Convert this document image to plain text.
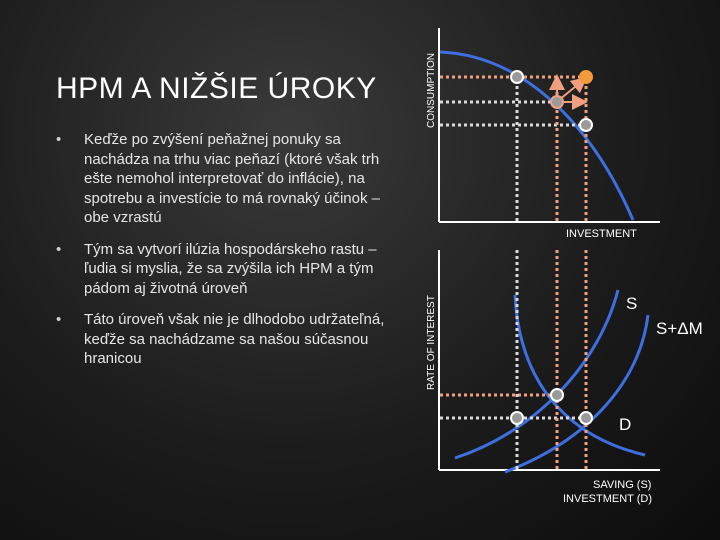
HPM A NIŽŠIE ÚROKY
• Keďže po zvýšení peňažnej ponuky sa nachádza na trhu viac peňazí (ktoré však trh ešte nemohol interpretovať do inflácie), na spotrebu a investície to má rovnaký účinok – obe vzrastú
• Tým sa vytvorí ilúzia hospodárskeho rastu – ľudia si myslia, že sa zvýšila ich HPM a tým pádom aj životná úroveň
• Táto úroveň však nie je dlhodobo udržateľná, keďže sa nachádzame sa našou súčasnou hranicou
CONSUMPTION
INVESTMENT
RATE OF INTEREST
SAVING (S)
INVESTMENT (D)
S
S+ΔM
D
